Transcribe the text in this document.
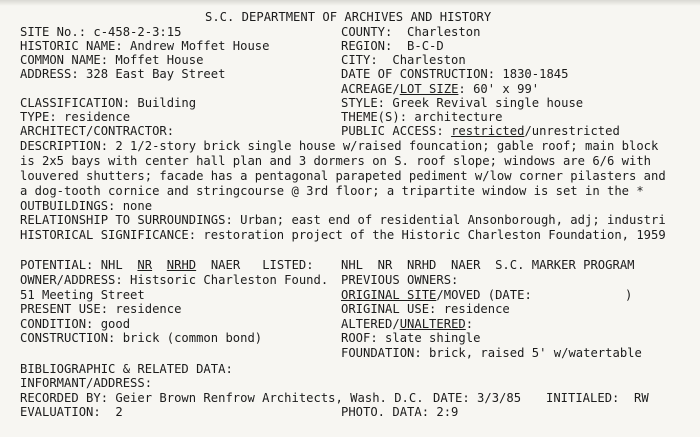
S.C. DEPARTMENT OF ARCHIVES AND HISTORY
SITE No.: c-458-2-3:15
HISTORIC NAME: Andrew Moffet House
COMMON NAME: Moffet House
ADDRESS: 328 East Bay Street
CLASSIFICATION: Building
TYPE: residence
ARCHITECT/CONTRACTOR:
COUNTY:  Charleston
REGION:  B-C-D
CITY:  Charleston
DATE OF CONSTRUCTION: 1830-1845
ACREAGE/LOT SIZE: 60' x 99'
STYLE: Greek Revival single house
THEME(S): architecture
PUBLIC ACCESS: restricted/unrestricted
DESCRIPTION: 2 1/2-story brick single house w/raised founcation; gable roof; main block
is 2x5 bays with center hall plan and 3 dormers on S. roof slope; windows are 6/6 with
louvered shutters; facade has a pentagonal parapeted pediment w/low corner pilasters and
a dog-tooth cornice and stringcourse @ 3rd floor; a tripartite window is set in the *
OUTBUILDINGS: none
RELATIONSHIP TO SURROUNDINGS: Urban; east end of residential Ansonborough, adj; industri
HISTORICAL SIGNIFICANCE: restoration project of the Historic Charleston Foundation, 1959
POTENTIAL: NHL NR NRHD NAER LISTED: NHL  NR  NRHD  NAER  S.C. MARKER PROGRAM
OWNER/ADDRESS: Histsoric Charleston Found.
51 Meeting Street
PRESENT USE: residence
CONDITION: good
CONSTRUCTION: brick (common bond)
PREVIOUS OWNERS:
ORIGINAL SITE/MOVED (DATE:	)
ORIGINAL USE: residence
ALTERED/UNALTERED:
ROOF: slate shingle
FOUNDATION: brick, raised 5' w/watertable
BIBLIOGRAPHIC & RELATED DATA:
INFORMANT/ADDRESS:
RECORDED BY: Geier Brown Renfrow Architects, Wash. D.C. DATE: 3/3/85 INITIALED:  RW
EVALUATION:  2	PHOTO. DATA: 2:9
